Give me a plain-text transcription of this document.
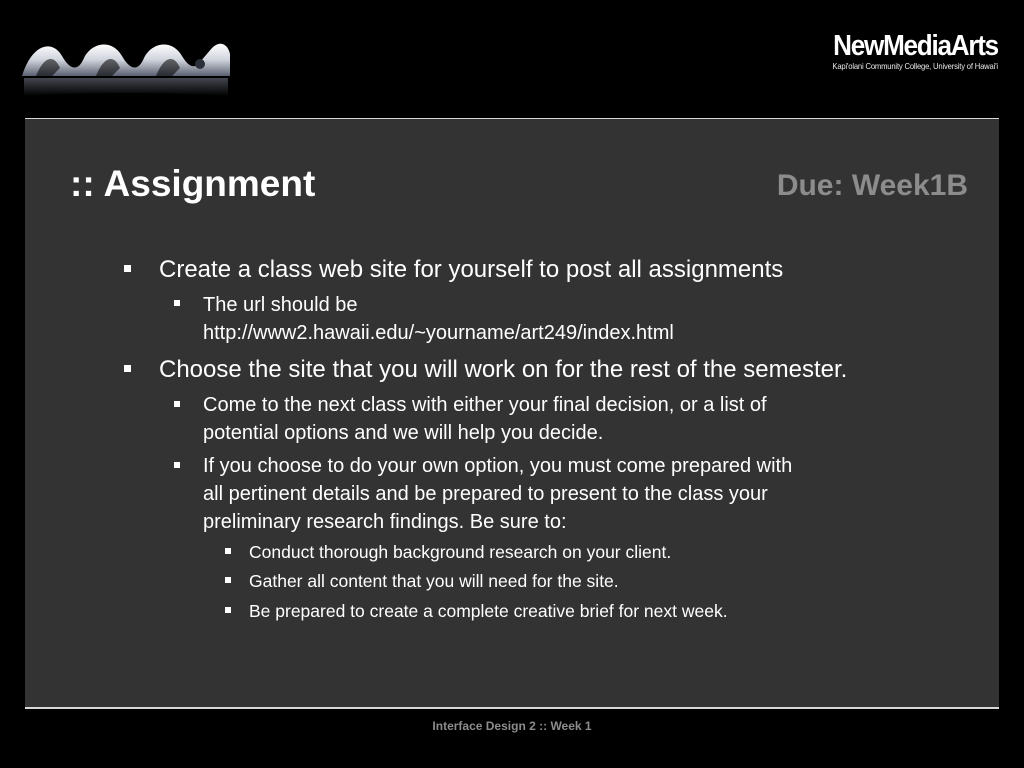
NewMediaArts
Kapi'olani Community College, University of Hawai'i
:: Assignment	Due: Week1B
Create a class web site for yourself to post all assignments
The url should be
http://www2.hawaii.edu/~yourname/art249/index.html
Choose the site that you will work on for the rest of the semester.
Come to the next class with either your final decision, or a list of
potential options and we will help you decide.
If you choose to do your own option, you must come prepared with
all pertinent details and be prepared to present to the class your
preliminary research findings. Be sure to:
Conduct thorough background research on your client.
Gather all content that you will need for the site.
Be prepared to create a complete creative brief for next week.
Interface Design 2 :: Week 1
